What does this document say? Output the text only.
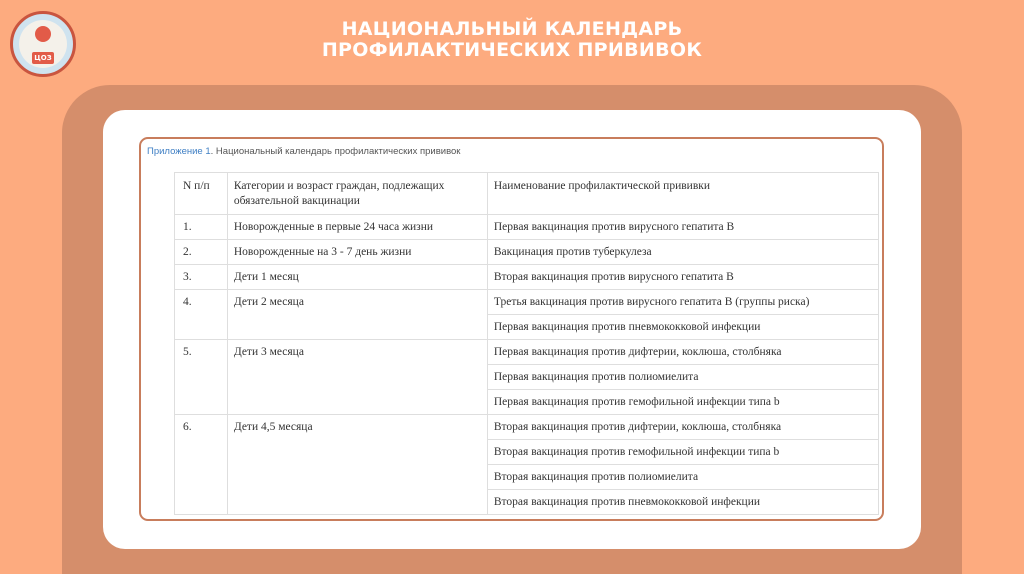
ЦОЗ
НАЦИОНАЛЬНЫЙ КАЛЕНДАРЬ
ПРОФИЛАКТИЧЕСКИХ ПРИВИВОК
Приложение 1. Национальный календарь профилактических прививок
N п/п	Категории и возраст граждан, подлежащих обязательной вакцинации	Наименование профилактической прививки
1.	Новорожденные в первые 24 часа жизни	Первая вакцинация против вирусного гепатита B
2.	Новорожденные на 3 - 7 день жизни	Вакцинация против туберкулеза
3.	Дети 1 месяц	Вторая вакцинация против вирусного гепатита B
4.	Дети 2 месяца	Третья вакцинация против вирусного гепатита B (группы риска)
		Первая вакцинация против пневмококковой инфекции
5.	Дети 3 месяца	Первая вакцинация против дифтерии, коклюша, столбняка
		Первая вакцинация против полиомиелита
		Первая вакцинация против гемофильной инфекции типа b
6.	Дети 4,5 месяца	Вторая вакцинация против дифтерии, коклюша, столбняка
		Вторая вакцинация против гемофильной инфекции типа b
		Вторая вакцинация против полиомиелита
		Вторая вакцинация против пневмококковой инфекции
